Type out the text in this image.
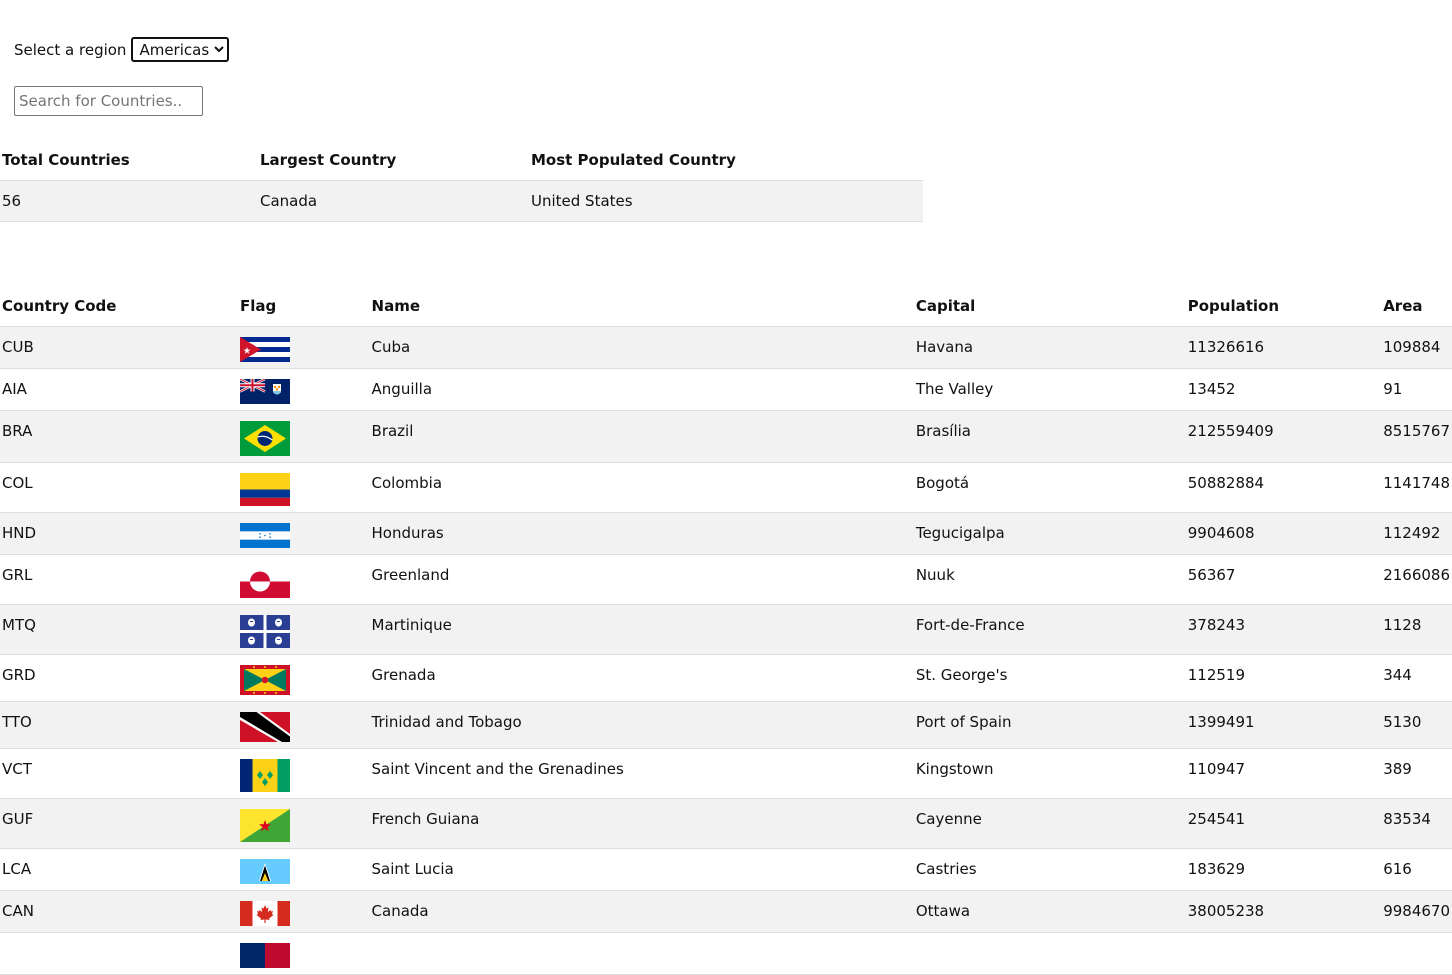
Select a region
Americas
Search for Countries..
Total Countries	Largest Country	Most Populated Country
56	Canada	United States
Country Code	Flag	Name	Capital	Population	Area
CUB		Cuba	Havana	11326616	109884
AIA		Anguilla	The Valley	13452	91
BRA		Brazil	Brasília	212559409	8515767
COL		Colombia	Bogotá	50882884	1141748
HND		Honduras	Tegucigalpa	9904608	112492
GRL		Greenland	Nuuk	56367	2166086
MTQ		Martinique	Fort-de-France	378243	1128
GRD		Grenada	St. George's	112519	344
TTO		Trinidad and Tobago	Port of Spain	1399491	5130
VCT		Saint Vincent and the Grenadines	Kingstown	110947	389
GUF		French Guiana	Cayenne	254541	83534
LCA		Saint Lucia	Castries	183629	616
CAN		Canada	Ottawa	38005238	9984670
